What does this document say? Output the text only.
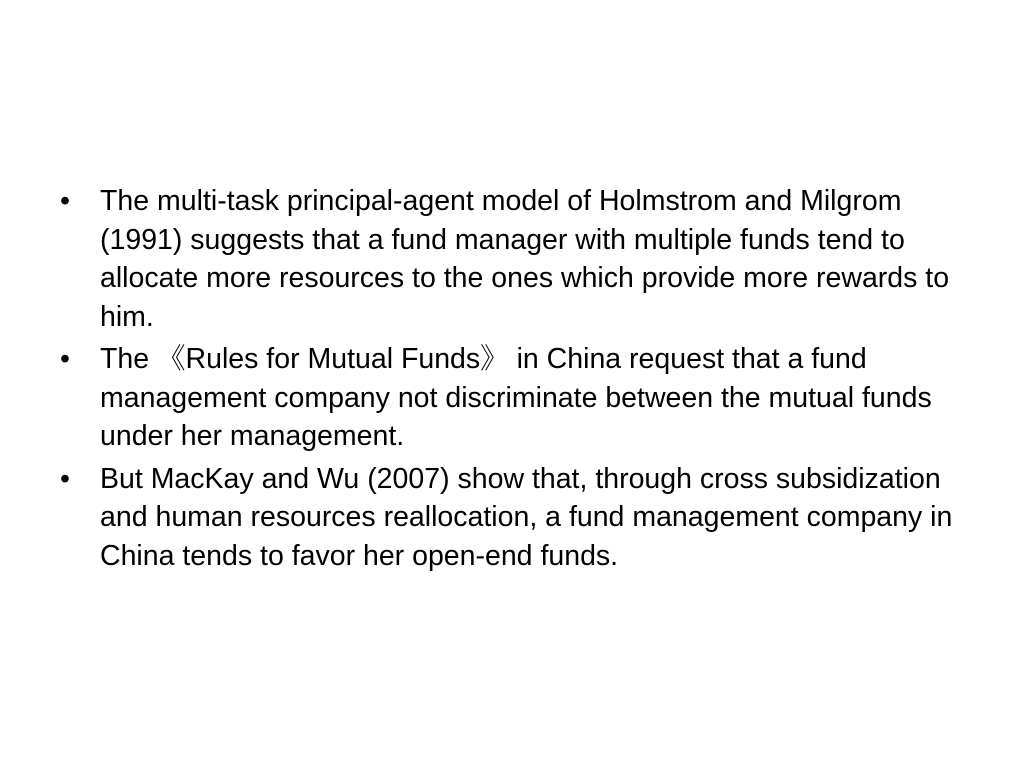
•	The multi-task principal-agent model of Holmstrom and Milgrom (1991) suggests that a fund manager with multiple funds tend to allocate more resources to the ones which provide more rewards to him.
•	The 《Rules for Mutual Funds》 in China request that a fund management company not discriminate between the mutual funds under her management.
•	But MacKay and Wu (2007) show that, through cross subsidization and human resources reallocation, a fund management company in China tends to favor her open-end funds.
